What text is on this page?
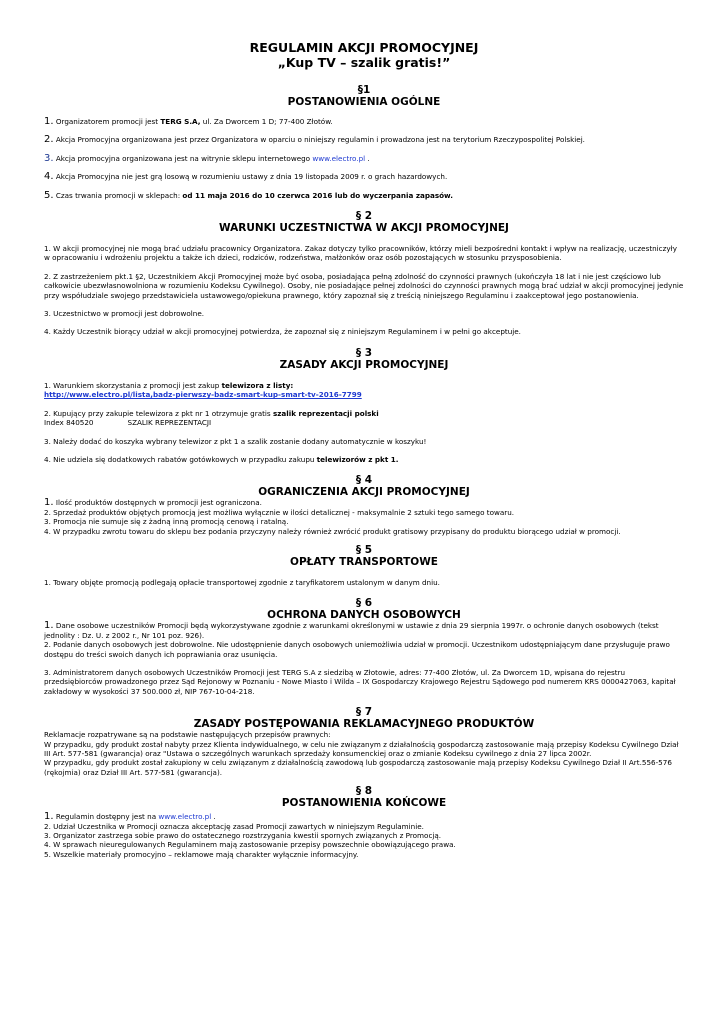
REGULAMIN AKCJI PROMOCYJNEJ
„Kup TV – szalik gratis!”
§1
POSTANOWIENIA OGÓLNE
1. Organizatorem promocji jest TERG S.A, ul. Za Dworcem 1 D; 77-400 Złotów.
2. Akcja Promocyjna organizowana jest przez Organizatora w oparciu o niniejszy regulamin i prowadzona jest na terytorium Rzeczypospolitej Polskiej.
3. Akcja promocyjna organizowana jest na witrynie sklepu internetowego www.electro.pl .
4. Akcja Promocyjna nie jest grą losową w rozumieniu ustawy z dnia 19 listopada 2009 r. o grach hazardowych.
5. Czas trwania promocji w sklepach: od 11 maja 2016 do 10 czerwca 2016 lub do wyczerpania zapasów.
§ 2
WARUNKI UCZESTNICTWA W AKCJI PROMOCYJNEJ
1. W akcji promocyjnej nie mogą brać udziału pracownicy Organizatora. Zakaz dotyczy tylko pracowników, którzy mieli bezpośredni kontakt i wpływ na realizację, uczestniczyły w opracowaniu i wdrożeniu projektu a także ich dzieci, rodziców, rodzeństwa, małżonków oraz osób pozostających w stosunku przysposobienia.
2. Z zastrzeżeniem pkt.1 §2, Uczestnikiem Akcji Promocyjnej może być osoba, posiadająca pełną zdolność do czynności prawnych (ukończyła 18 lat i nie jest częściowo lub całkowicie ubezwłasnowolniona w rozumieniu Kodeksu Cywilnego). Osoby, nie posiadające pełnej zdolności do czynności prawnych mogą brać udział w akcji promocyjnej jedynie przy współudziale swojego przedstawiciela ustawowego/opiekuna prawnego, który zapoznał się z treścią niniejszego Regulaminu i zaakceptował jego postanowienia.
3. Uczestnictwo w promocji jest dobrowolne.
4. Każdy Uczestnik biorący udział w akcji promocyjnej potwierdza, że zapoznał się z niniejszym Regulaminem i w pełni go akceptuje.
§ 3
ZASADY AKCJI PROMOCYJNEJ
1. Warunkiem skorzystania z promocji jest zakup telewizora z listy:
http://www.electro.pl/lista,badz-pierwszy-badz-smart-kup-smart-tv-2016-7799
2. Kupujący przy zakupie telewizora z pkt nr 1 otrzymuje gratis szalik reprezentacji polski
Index 840520	SZALIK REPREZENTACJI
3. Należy dodać do koszyka wybrany telewizor z pkt 1 a szalik zostanie dodany automatycznie w koszyku!
4. Nie udziela się dodatkowych rabatów gotówkowych w przypadku zakupu telewizorów z pkt 1.
§ 4
OGRANICZENIA AKCJI PROMOCYJNEJ
1. Ilość produktów dostępnych w promocji jest ograniczona.
2. Sprzedaż produktów objętych promocją jest możliwa wyłącznie w ilości detalicznej - maksymalnie 2 sztuki tego samego towaru.
3. Promocja nie sumuje się z żadną inną promocją cenową i ratalną.
4. W przypadku zwrotu towaru do sklepu bez podania przyczyny należy również zwrócić produkt gratisowy przypisany do produktu biorącego udział w promocji.
§ 5
OPŁATY TRANSPORTOWE
1. Towary objęte promocją podlegają opłacie transportowej zgodnie z taryfikatorem ustalonym w danym dniu.
§ 6
OCHRONA DANYCH OSOBOWYCH
1. Dane osobowe uczestników Promocji będą wykorzystywane zgodnie z warunkami określonymi w ustawie z dnia 29 sierpnia 1997r. o ochronie danych osobowych (tekst jednolity : Dz. U. z 2002 r., Nr 101 poz. 926).
2. Podanie danych osobowych jest dobrowolne. Nie udostępnienie danych osobowych uniemożliwia udział w promocji. Uczestnikom udostępniającym dane przysługuje prawo dostępu do treści swoich danych ich poprawiania oraz usunięcia.
3. Administratorem danych osobowych Uczestników Promocji jest TERG S.A z siedzibą w Złotowie, adres: 77-400 Złotów, ul. Za Dworcem 1D, wpisana do rejestru przedsiębiorców prowadzonego przez Sąd Rejonowy w Poznaniu - Nowe Miasto i Wilda – IX Gospodarczy Krajowego Rejestru Sądowego pod numerem KRS 0000427063, kapitał zakładowy w wysokości 37 500.000 zł, NIP 767-10-04-218.
§ 7
ZASADY POSTĘPOWANIA REKLAMACYJNEGO PRODUKTÓW
Reklamacje rozpatrywane są na podstawie następujących przepisów prawnych:
W przypadku, gdy produkt został nabyty przez Klienta indywidualnego, w celu nie związanym z działalnością gospodarczą zastosowanie mają przepisy Kodeksu Cywilnego Dział III Art. 577-581 (gwarancja) oraz "Ustawa o szczególnych warunkach sprzedaży konsumenckiej oraz o zmianie Kodeksu cywilnego z dnia 27 lipca 2002r.
W przypadku, gdy produkt został zakupiony w celu związanym z działalnością zawodową lub gospodarczą zastosowanie mają przepisy Kodeksu Cywilnego Dział II Art.556-576 (rękojmia) oraz Dział III Art. 577-581 (gwarancja).
§ 8
POSTANOWIENIA KOŃCOWE
1. Regulamin dostępny jest na www.electro.pl .
2. Udział Uczestnika w Promocji oznacza akceptację zasad Promocji zawartych w niniejszym Regulaminie.
3. Organizator zastrzega sobie prawo do ostatecznego rozstrzygania kwestii spornych związanych z Promocją.
4. W sprawach nieuregulowanych Regulaminem mają zastosowanie przepisy powszechnie obowiązującego prawa.
5. Wszelkie materiały promocyjno – reklamowe mają charakter wyłącznie informacyjny.
